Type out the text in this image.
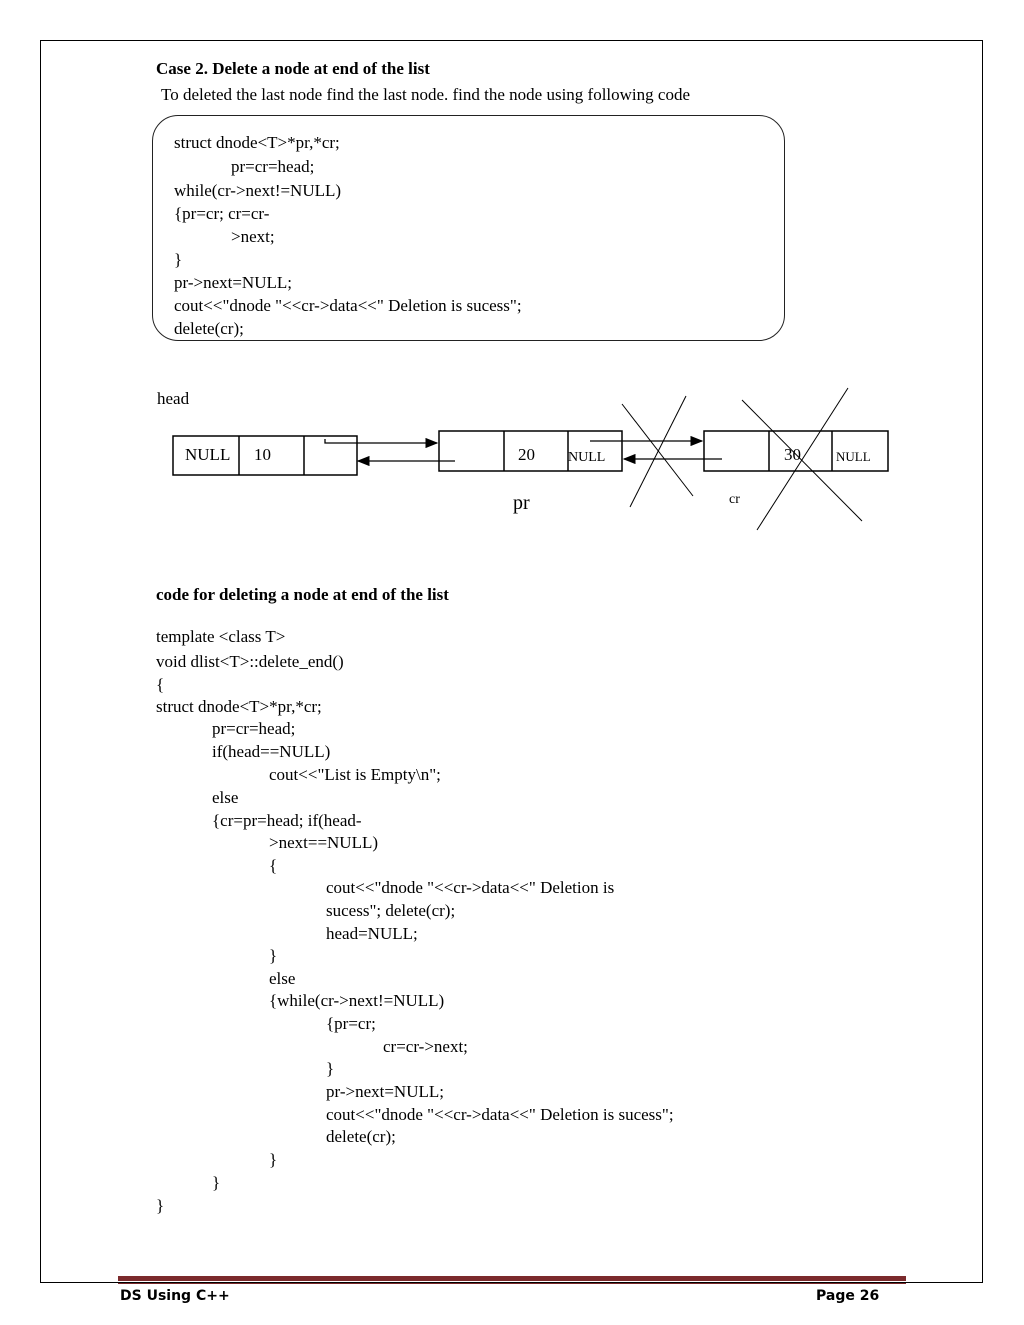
Case 2. Delete a node at end of the list
To deleted the last node find the last node. find the node using following code
struct dnode<T>*pr,*cr;
pr=cr=head;
while(cr->next!=NULL)
{pr=cr; cr=cr-
>next;
}
pr->next=NULL;
cout<<"dnode "<<cr->data<<" Deletion is sucess";
delete(cr);
head
NULL 10	20 NULL
pr
30	NULL
cr
code for deleting a node at end of the list
template <class T>
void dlist<T>::delete_end()
{
struct dnode<T>*pr,*cr;
pr=cr=head;
if(head==NULL)
cout<<"List is Empty\n";
else
{cr=pr=head; if(head-
>next==NULL)
{
cout<<"dnode "<<cr->data<<" Deletion is
sucess"; delete(cr);
head=NULL;
}
else
{while(cr->next!=NULL)
{pr=cr;
cr=cr->next;
}
pr->next=NULL;
cout<<"dnode "<<cr->data<<" Deletion is sucess";
delete(cr);
}
}
}
DS Using C++	Page 26
